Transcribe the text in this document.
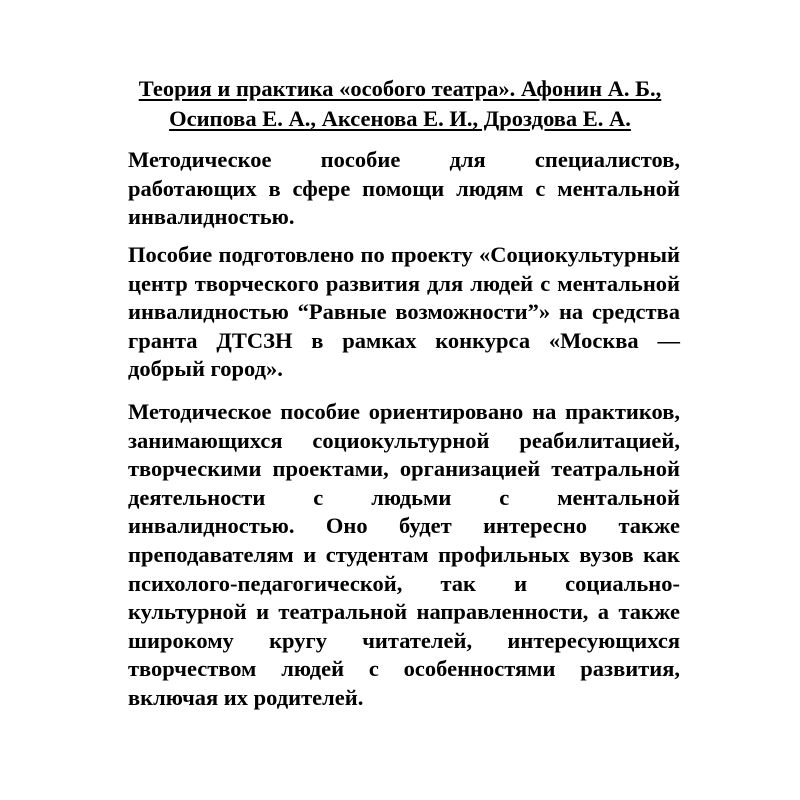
Теория и практика «особого театра». Афонин А. Б.,
Осипова Е. А., Аксенова Е. И., Дроздова Е. А.

Методическое пособие для специалистов, работающих в сфере помощи людям с ментальной инвалидностью.

Пособие подготовлено по проекту «Социокультурный центр творческого развития для людей с ментальной инвалидностью “Равные возможности”» на средства гранта ДТСЗН в рамках конкурса «Москва — добрый город».

Методическое пособие ориентировано на практиков, занимающихся социокультурной реабилитацией, творческими проектами, организацией театральной деятельности с людьми с ментальной инвалидностью. Оно будет интересно также преподавателям и студентам профильных вузов как психолого-педагогической, так и социально-культурной и театральной направленности, а также широкому кругу читателей, интересующихся творчеством людей с особенностями развития, включая их родителей.
